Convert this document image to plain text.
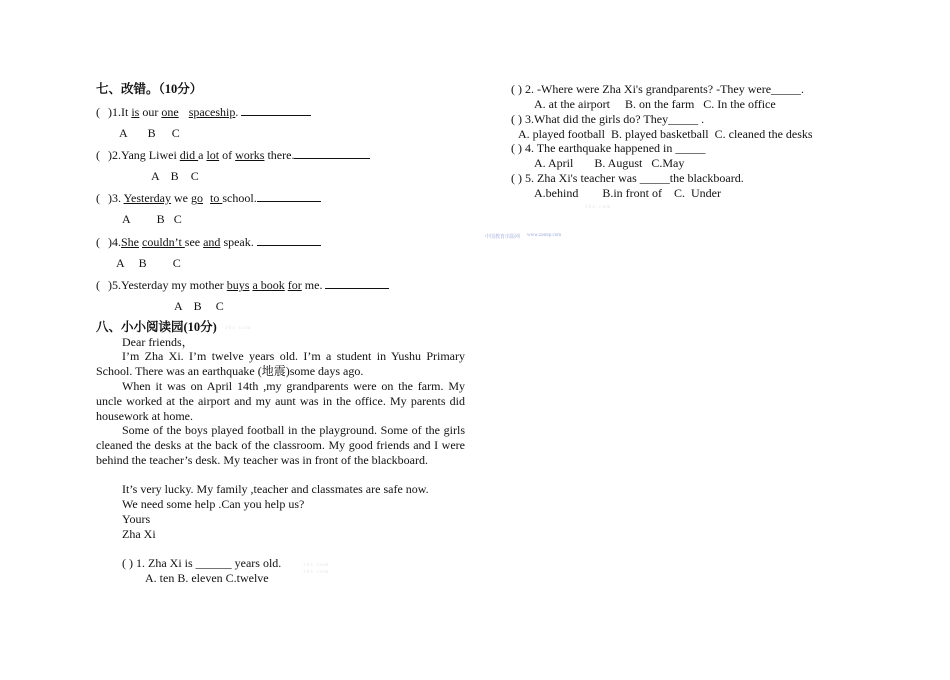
七、改错。（10分）
( )1.It is our one spaceship.
A B C
( )2.Yang Liwei did a lot of works there.
A B C
( )3. Yesterday we go to school.
A B C
( )4.She couldn’t see and speak.
A B C
( )5.Yesterday my mother buys a book for me.
A B C
八、小小阅读园(10分)
Dear friends，
I’m Zha Xi. I’m twelve years old. I’m a student in Yushu Primary School. There was an earthquake (地震)some days ago.
When it was on April 14th ,my grandparents were on the farm. My uncle worked at the airport and my aunt was in the office. My parents did housework at home.
Some of the boys played football in the playground. Some of the girls cleaned the desks at the back of the classroom. My good friends and I were behind the teacher’s desk. My teacher was in front of the blackboard.
It’s very lucky. My family ,teacher and classmates are safe now.
We need some help .Can you help us?
Yours
Zha Xi
( ) 1. Zha Xi is ______ years old.
A. ten B. eleven C.twelve
( ) 2. -Where were Zha Xi's grandparents? -They were_____.
A. at the airport     B. on the farm   C. In the office
( ) 3.What did the girls do? They_____ .
A. played football  B. played basketball  C. cleaned the desks
( ) 4. The earthquake happened in _____
A. April       B. August   C.May
( ) 5. Zha Xi's teacher was _____the blackboard.
A.behind        B.in front of    C.  Under
· 1 6 x · c o m
· 1 6 x · c o m
· 1 6 x · c o m
· 1 6 x · c o m
中国教育出版网 www.zzstep.com
